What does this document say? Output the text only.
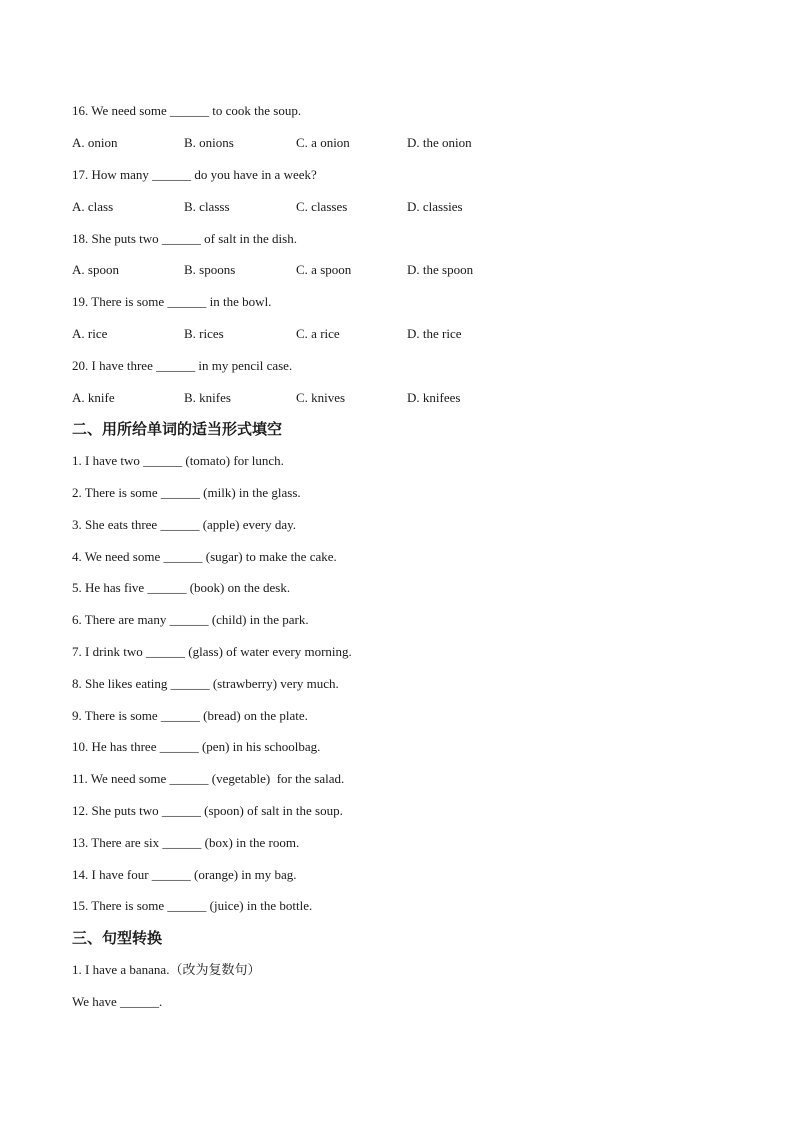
16. We need some ______ to cook the soup.
A. onion	B. onions	C. a onion	D. the onion
17. How many ______ do you have in a week?
A. class	B. classs	C. classes	D. classies
18. She puts two ______ of salt in the dish.
A. spoon	B. spoons	C. a spoon	D. the spoon
19. There is some ______ in the bowl.
A. rice	B. rices	C. a rice	D. the rice
20. I have three ______ in my pencil case.
A. knife	B. knifes	C. knives	D. knifees
二、用所给单词的适当形式填空
1. I have two ______ (tomato) for lunch.
2. There is some ______ (milk) in the glass.
3. She eats three ______ (apple) every day.
4. We need some ______ (sugar) to make the cake.
5. He has five ______ (book) on the desk.
6. There are many ______ (child) in the park.
7. I drink two ______ (glass) of water every morning.
8. She likes eating ______ (strawberry) very much.
9. There is some ______ (bread) on the plate.
10. He has three ______ (pen) in his schoolbag.
11. We need some ______ (vegetable)  for the salad.
12. She puts two ______ (spoon) of salt in the soup.
13. There are six ______ (box) in the room.
14. I have four ______ (orange) in my bag.
15. There is some ______ (juice) in the bottle.
三、句型转换
1. I have a banana.（改为复数句）
We have ______.
